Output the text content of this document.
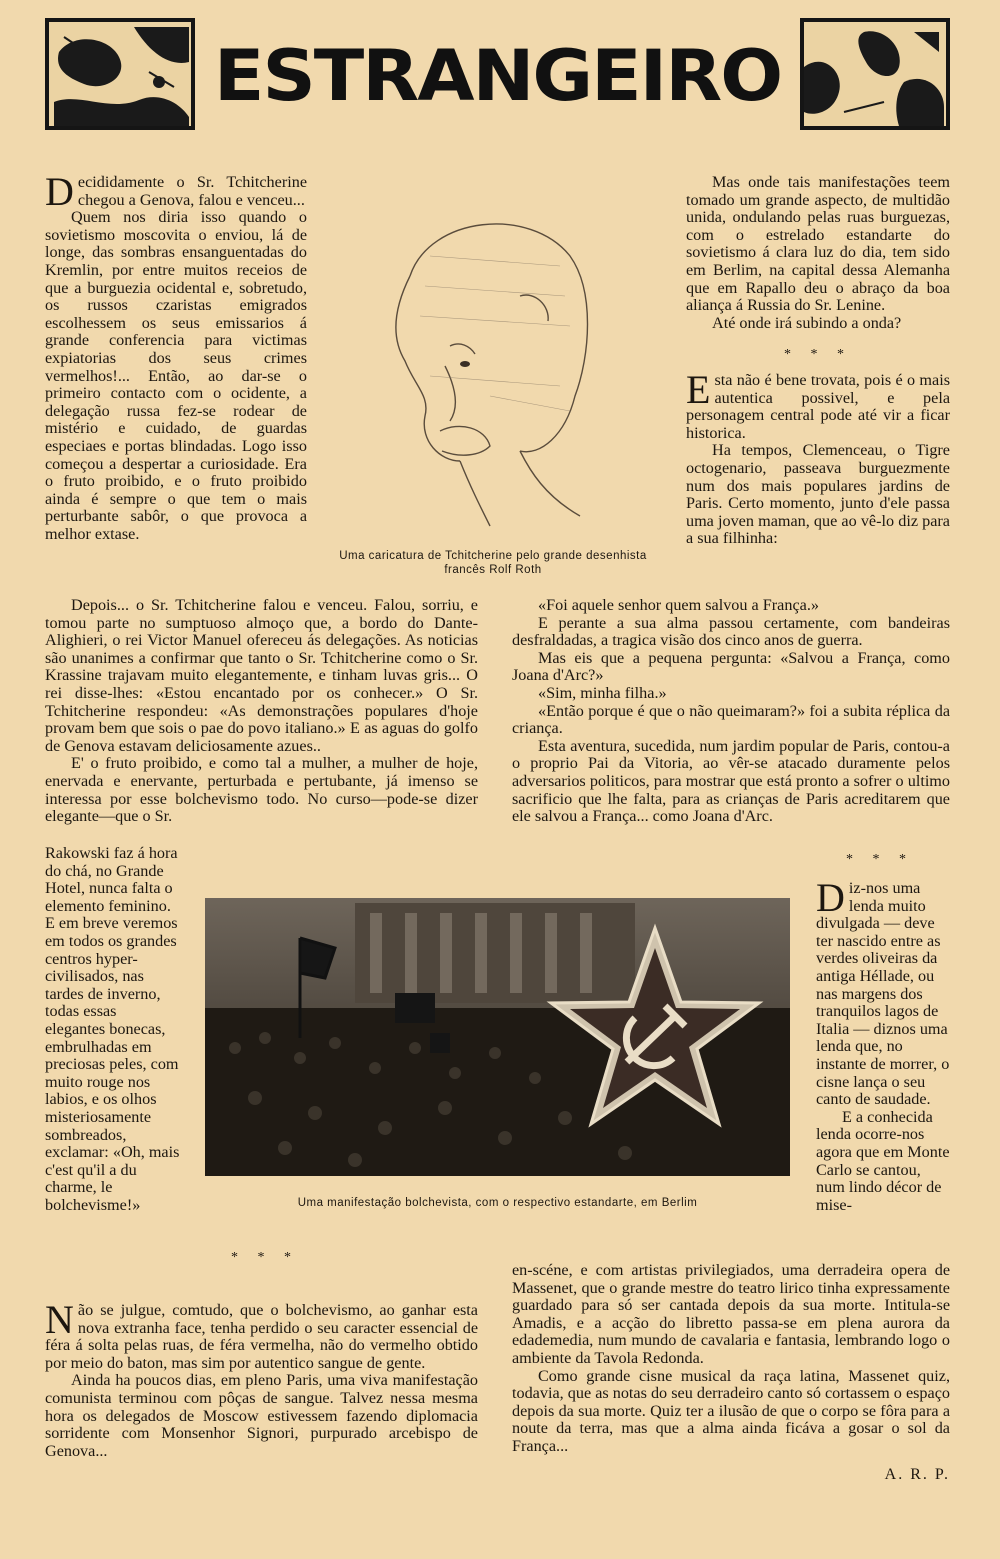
ESTRANGEIRO

Decididamente o Sr. Tchitcherine chegou a Genova, falou e venceu...

Quem nos diria isso quando o sovietismo moscovita o enviou, lá de longe, das sombras ensanguentadas do Kremlin, por entre muitos receios de que a burguezia ocidental e, sobretudo, os russos czaristas emigrados escolhessem os seus emissarios á grande conferencia para victimas expiatorias dos seus crimes vermelhos!... Então, ao dar-se o primeiro contacto com o ocidente, a delegação russa fez-se rodear de mistério e cuidado, de guardas especiaes e portas blindadas. Logo isso começou a despertar a curiosidade. Era o fruto proibido, e o fruto proibido ainda é sempre o que tem o mais perturbante sabôr, o que provoca a melhor extase.

Uma caricatura de Tchitcherine pelo grande desenhista francês Rolf Roth

Mas onde tais manifestações teem tomado um grande aspecto, de multidão unida, ondulando pelas ruas burguezas, com o estrelado estandarte do sovietismo á clara luz do dia, tem sido em Berlim, na capital dessa Alemanha que em Rapallo deu o abraço da boa aliança á Russia do Sr. Lenine.

Até onde irá subindo a onda?

* * *

Esta não é bene trovata, pois é o mais autentica possivel, e pela personagem central pode até vir a ficar historica.

Ha tempos, Clemenceau, o Tigre octogenario, passeava burguezmente num dos mais populares jardins de Paris. Certo momento, junto d'ele passa uma joven maman, que ao vê-lo diz para a sua filhinha:

Depois... o Sr. Tchitcherine falou e venceu. Falou, sorriu, e tomou parte no sumptuoso almoço que, a bordo do Dante-Alighieri, o rei Victor Manuel ofereceu ás delegações. As noticias são unanimes a confirmar que tanto o Sr. Tchitcherine como o Sr. Krassine trajavam muito elegantemente, e tinham luvas gris... O rei disse-lhes: «Estou encantado por os conhecer.» O Sr. Tchitcherine respondeu: «As demonstrações populares d'hoje provam bem que sois o pae do povo italiano.» E as aguas do golfo de Genova estavam deliciosamente azues..

E' o fruto proibido, e como tal a mulher, a mulher de hoje, enervada e enervante, perturbada e pertubante, já imenso se interessa por esse bolchevismo todo. No curso—pode-se dizer elegante—que o Sr.

«Foi aquele senhor quem salvou a França.»

E perante a sua alma passou certamente, com bandeiras desfraldadas, a tragica visão dos cinco anos de guerra.

Mas eis que a pequena pergunta: «Salvou a França, como Joana d'Arc?»

«Sim, minha filha.»

«Então porque é que o não queimaram?» foi a subita réplica da criança.

Esta aventura, sucedida, num jardim popular de Paris, contou-a o proprio Pai da Vitoria, ao vêr-se atacado duramente pelos adversarios politicos, para mostrar que está pronto a sofrer o ultimo sacrificio que lhe falta, para as crianças de Paris acreditarem que ele salvou a França... como Joana d'Arc.

* * *
Rakowski faz á hora do chá, no Grande Hotel, nunca falta o elemento feminino. E em breve veremos em todos os grandes centros hyper-civilisados, nas tardes de inverno, todas essas elegantes bonecas, embrulhadas em preciosas peles, com muito rouge nos labios, e os olhos misteriosamente sombreados, exclamar: «Oh, mais c'est qu'il a du charme, le bolchevisme!»	Uma manifestação bolchevista, com o respectivo estandarte, em Berlim

Diz-nos uma lenda muito divulgada — deve ter nascido entre as verdes oliveiras da antiga Héllade, ou nas margens dos tranquilos lagos de Italia — diznos uma lenda que, no instante de morrer, o cisne lança o seu canto de saudade.

E a conhecida lenda ocorre-nos agora que em Monte Carlo se cantou, num lindo décor de mise-

* * *

Não se julgue, comtudo, que o bolchevismo, ao ganhar esta nova extranha face, tenha perdido o seu caracter essencial de féra á solta pelas ruas, de féra vermelha, não do vermelho obtido por meio do baton, mas sim por autentico sangue de gente.

Ainda ha poucos dias, em pleno Paris, uma viva manifestação comunista terminou com pôças de sangue. Talvez nessa mesma hora os delegados de Moscow estivessem fazendo diplomacia sorridente com Monsenhor Signori, purpurado arcebispo de Genova...

en-scéne, e com artistas privilegiados, uma derradeira opera de Massenet, que o grande mestre do teatro lirico tinha expressamente guardado para só ser cantada depois da sua morte. Intitula-se Amadis, e a acção do libretto passa-se em plena aurora da edademedia, num mundo de cavalaria e fantasia, lembrando logo o ambiente da Tavola Redonda.

Como grande cisne musical da raça latina, Massenet quiz, todavia, que as notas do seu derradeiro canto só cortassem o espaço depois da sua morte. Quiz ter a ilusão de que o corpo se fôra para a noute da terra, mas que a alma ainda ficáva a gosar o sol da França...

A. R. P.
